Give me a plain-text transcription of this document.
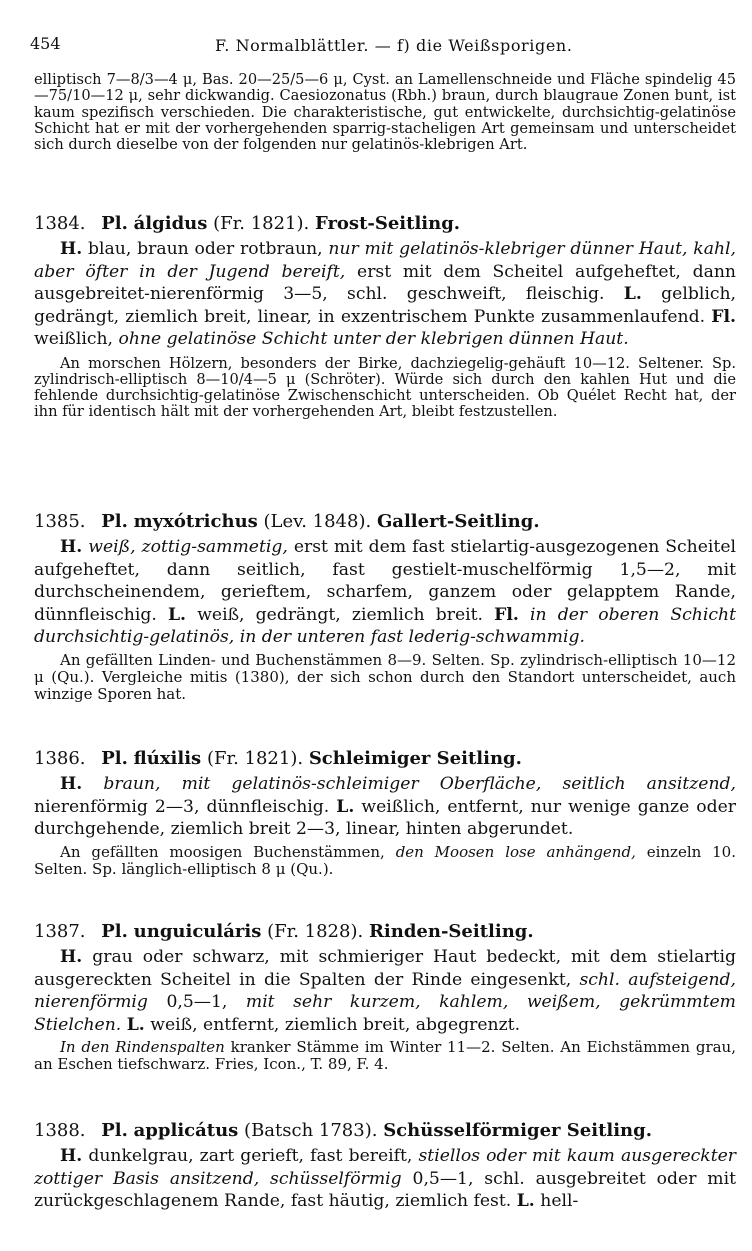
454	F. Normalblättler. — f) die Weißsporigen.
elliptisch 7—8/3—4 μ, Bas. 20—25/5—6 μ, Cyst. an Lamellenschneide und Fläche spindelig 45—75/10—12 μ, sehr dickwandig. Caesiozonatus (Rbh.) braun, durch blaugraue Zonen bunt, ist kaum spezifisch verschieden. Die charakteristische, gut entwickelte, durchsichtig-gelatinöse Schicht hat er mit der vorhergehenden sparrig-stacheligen Art gemeinsam und unterscheidet sich durch dieselbe von der folgenden nur gelatinös-klebrigen Art.
1384. Pl. álgidus (Fr. 1821). Frost-Seitling.
H. blau, braun oder rotbraun, nur mit gelatinös-klebriger dünner Haut, kahl, aber öfter in der Jugend bereift, erst mit dem Scheitel aufgeheftet, dann ausgebreitet-nierenförmig 3—5, schl. geschweift, fleischig. L. gelblich, gedrängt, ziemlich breit, linear, in exzentrischem Punkte zusammenlaufend. Fl. weißlich, ohne gelatinöse Schicht unter der klebrigen dünnen Haut.
An morschen Hölzern, besonders der Birke, dachziegelig-gehäuft 10—12. Seltener. Sp. zylindrisch-elliptisch 8—10/4—5 μ (Schröter). Würde sich durch den kahlen Hut und die fehlende durchsichtig-gelatinöse Zwischenschicht unterscheiden. Ob Quélet Recht hat, der ihn für identisch hält mit der vorhergehenden Art, bleibt festzustellen.
1385. Pl. myxótrichus (Lev. 1848). Gallert-Seitling.
H. weiß, zottig-sammetig, erst mit dem fast stielartig-ausgezogenen Scheitel aufgeheftet, dann seitlich, fast gestielt-muschelförmig 1,5—2, mit durchscheinendem, gerieftem, scharfem, ganzem oder gelapptem Rande, dünnfleischig. L. weiß, gedrängt, ziemlich breit. Fl. in der oberen Schicht durchsichtig-gelatinös, in der unteren fast lederig-schwammig.
An gefällten Linden- und Buchenstämmen 8—9. Selten. Sp. zylindrisch-elliptisch 10—12 μ (Qu.). Vergleiche mitis (1380), der sich schon durch den Standort unterscheidet, auch winzige Sporen hat.
1386. Pl. flúxilis (Fr. 1821). Schleimiger Seitling.
H. braun, mit gelatinös-schleimiger Oberfläche, seitlich ansitzend, nierenförmig 2—3, dünnfleischig. L. weißlich, entfernt, nur wenige ganze oder durchgehende, ziemlich breit 2—3, linear, hinten abgerundet.
An gefällten moosigen Buchenstämmen, den Moosen lose anhängend, einzeln 10. Selten. Sp. länglich-elliptisch 8 μ (Qu.).
1387. Pl. unguiculáris (Fr. 1828). Rinden-Seitling.
H. grau oder schwarz, mit schmieriger Haut bedeckt, mit dem stielartig ausgereckten Scheitel in die Spalten der Rinde eingesenkt, schl. aufsteigend, nierenförmig 0,5—1, mit sehr kurzem, kahlem, weißem, gekrümmtem Stielchen. L. weiß, entfernt, ziemlich breit, abgegrenzt.
In den Rindenspalten kranker Stämme im Winter 11—2. Selten. An Eichstämmen grau, an Eschen tiefschwarz. Fries, Icon., T. 89, F. 4.
1388. Pl. applicátus (Batsch 1783). Schüsselförmiger Seitling.
H. dunkelgrau, zart gerieft, fast bereift, stiellos oder mit kaum ausgereckter zottiger Basis ansitzend, schüsselförmig 0,5—1, schl. ausgebreitet oder mit zurückgeschlagenem Rande, fast häutig, ziemlich fest. L. hell-
